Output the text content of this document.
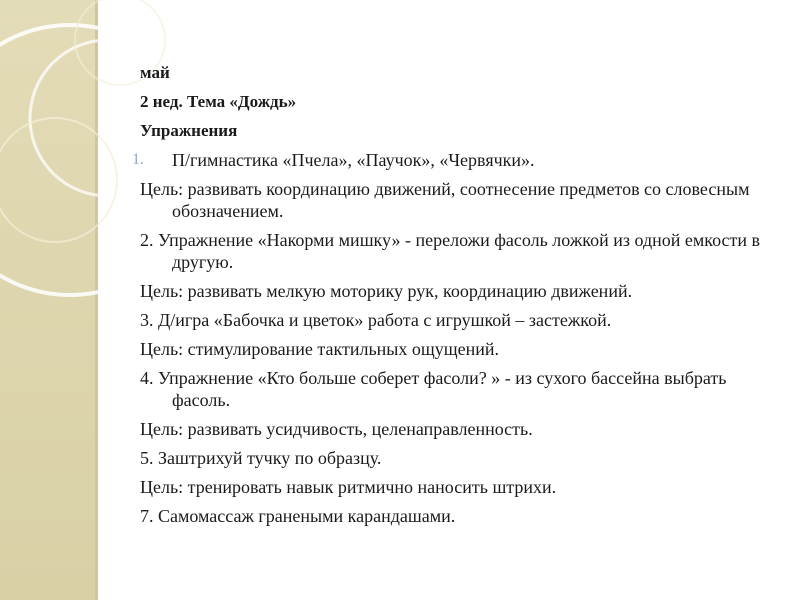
май
2 нед. Тема «Дождь»
Упражнения
1. П/гимнастика «Пчела», «Паучок», «Червячки».
Цель: развивать координацию движений, соотнесение предметов со словесным обозначением.
2. Упражнение «Накорми мишку» - переложи фасоль ложкой из одной емкости в другую.
Цель: развивать мелкую моторику рук, координацию движений.
3. Д/игра «Бабочка и цветок» работа с игрушкой – застежкой.
Цель: стимулирование тактильных ощущений.
4. Упражнение «Кто больше соберет фасоли? » - из сухого бассейна выбрать фасоль.
Цель: развивать усидчивость, целенаправленность.
5. Заштрихуй тучку по образцу.
Цель: тренировать навык ритмично наносить штрихи.
7. Самомассаж гранеными карандашами.
